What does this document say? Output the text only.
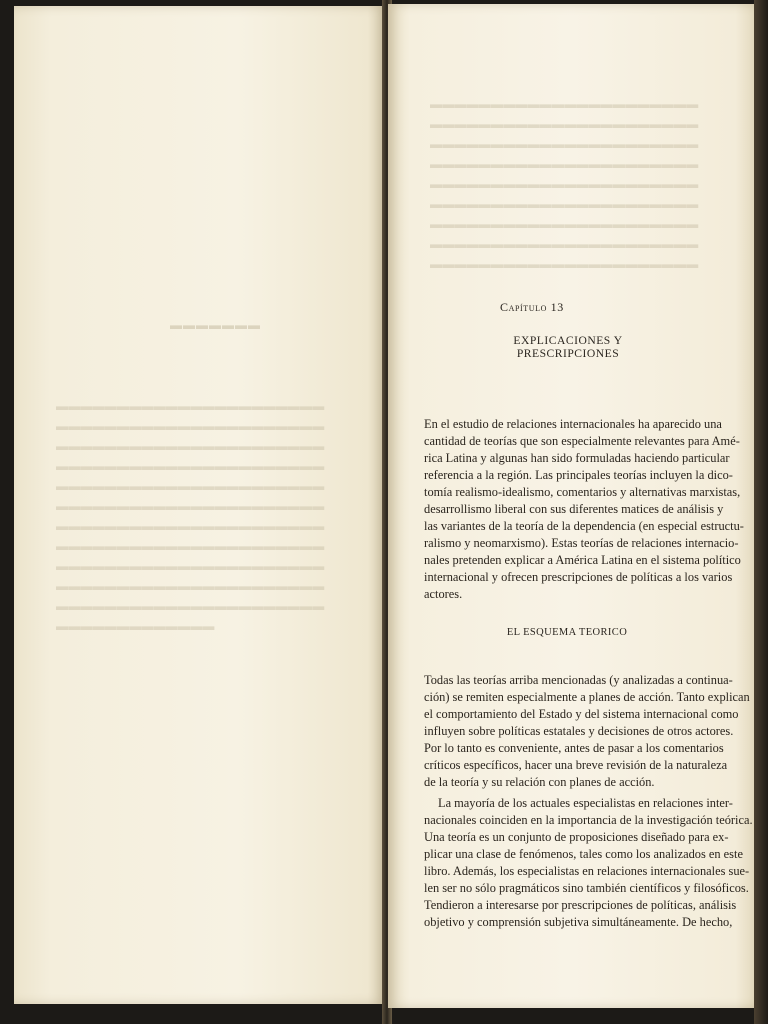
▬▬▬▬▬▬▬
▬▬▬▬▬▬▬▬▬▬▬▬▬▬▬▬▬▬▬▬▬▬
▬▬▬▬▬▬▬▬▬▬▬▬▬▬▬▬▬▬▬▬▬▬
▬▬▬▬▬▬▬▬▬▬▬▬▬▬▬▬▬▬▬▬▬▬
▬▬▬▬▬▬▬▬▬▬▬▬▬▬▬▬▬▬▬▬▬▬
▬▬▬▬▬▬▬▬▬▬▬▬▬▬▬▬▬▬▬▬▬▬
▬▬▬▬▬▬▬▬▬▬▬▬▬▬▬▬▬▬▬▬▬▬
▬▬▬▬▬▬▬▬▬▬▬▬▬▬▬▬▬▬▬▬▬▬
▬▬▬▬▬▬▬▬▬▬▬▬▬▬▬▬▬▬▬▬▬▬
▬▬▬▬▬▬▬▬▬▬▬▬▬▬▬▬▬▬▬▬▬▬
▬▬▬▬▬▬▬▬▬▬▬▬▬▬▬▬▬▬▬▬▬▬
▬▬▬▬▬▬▬▬▬▬▬▬▬▬▬▬▬▬▬▬▬▬
▬▬▬▬▬▬▬▬▬▬▬▬▬

▬▬▬▬▬▬▬▬▬▬▬▬▬▬▬▬▬▬▬▬▬▬
▬▬▬▬▬▬▬▬▬▬▬▬▬▬▬▬▬▬▬▬▬▬
▬▬▬▬▬▬▬▬▬▬▬▬▬▬▬▬▬▬▬▬▬▬
▬▬▬▬▬▬▬▬▬▬▬▬▬▬▬▬▬▬▬▬▬▬
▬▬▬▬▬▬▬▬▬▬▬▬▬▬▬▬▬▬▬▬▬▬
▬▬▬▬▬▬▬▬▬▬▬▬▬▬▬▬▬▬▬▬▬▬
▬▬▬▬▬▬▬▬▬▬▬▬▬▬▬▬▬▬▬▬▬▬
▬▬▬▬▬▬▬▬▬▬▬▬▬▬▬▬▬▬▬▬▬▬
▬▬▬▬▬▬▬▬▬▬▬▬▬▬▬▬▬▬▬▬▬▬

Capítulo 13
EXPLICACIONES Y PRESCRIPCIONES
En el estudio de relaciones internacionales ha aparecido una
cantidad de teorías que son especialmente relevantes para Amé-
rica Latina y algunas han sido formuladas haciendo particular
referencia a la región. Las principales teorías incluyen la dico-
tomía realismo-idealismo, comentarios y alternativas marxistas,
desarrollismo liberal con sus diferentes matices de análisis y
las variantes de la teoría de la dependencia (en especial estructu-
ralismo y neomarxismo). Estas teorías de relaciones internacio-
nales pretenden explicar a América Latina en el sistema político
internacional y ofrecen prescripciones de políticas a los varios
actores.
EL ESQUEMA TEORICO
Todas las teorías arriba mencionadas (y analizadas a continua-
ción) se remiten especialmente a planes de acción. Tanto explican
el comportamiento del Estado y del sistema internacional como
influyen sobre políticas estatales y decisiones de otros actores.
Por lo tanto es conveniente, antes de pasar a los comentarios
críticos específicos, hacer una breve revisión de la naturaleza
de la teoría y su relación con planes de acción.
La mayoría de los actuales especialistas en relaciones inter-
nacionales coinciden en la importancia de la investigación teórica.
Una teoría es un conjunto de proposiciones diseñado para ex-
plicar una clase de fenómenos, tales como los analizados en este
libro. Además, los especialistas en relaciones internacionales sue-
len ser no sólo pragmáticos sino también científicos y filosóficos.
Tendieron a interesarse por prescripciones de políticas, análisis
objetivo y comprensión subjetiva simultáneamente. De hecho,
